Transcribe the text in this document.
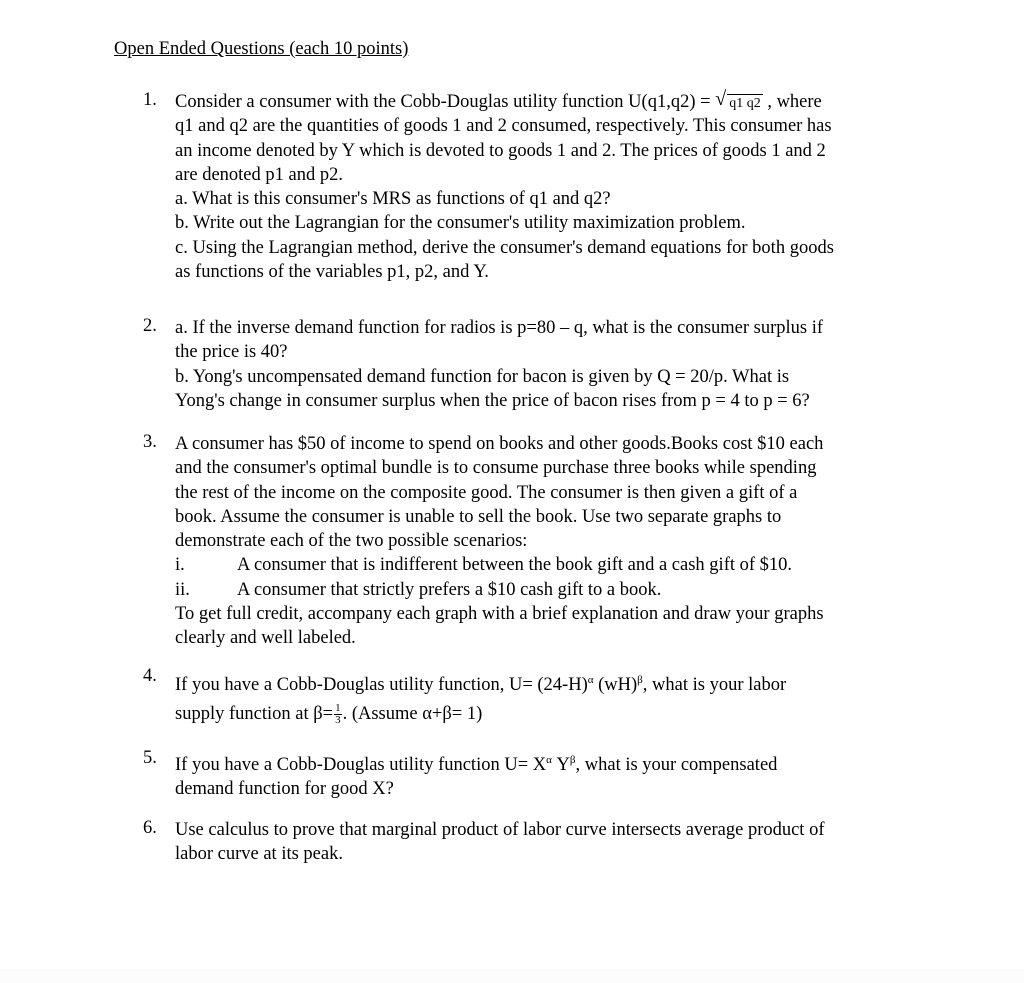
Open Ended Questions (each 10 points)
1. Consider a consumer with the Cobb-Douglas utility function U(q1,q2) = √ q1 q2 , where
q1 and q2 are the quantities of goods 1 and 2 consumed, respectively. This consumer has
an income denoted by Y which is devoted to goods 1 and 2. The prices of goods 1 and 2
are denoted p1 and p2.
a. What is this consumer's MRS as functions of q1 and q2?
b. Write out the Lagrangian for the consumer's utility maximization problem.
c. Using the Lagrangian method, derive the consumer's demand equations for both goods
as functions of the variables p1, p2, and Y.
2. a. If the inverse demand function for radios is p=80 – q, what is the consumer surplus if
the price is 40?
b. Yong's uncompensated demand function for bacon is given by Q = 20/p. What is
Yong's change in consumer surplus when the price of bacon rises from p = 4 to p = 6?
3. A consumer has $50 of income to spend on books and other goods.Books cost $10 each
and the consumer's optimal bundle is to consume purchase three books while spending
the rest of the income on the composite good. The consumer is then given a gift of a
book. Assume the consumer is unable to sell the book. Use two separate graphs to
demonstrate each of the two possible scenarios:
i.	A consumer that is indifferent between the book gift and a cash gift of $10.
ii.	A consumer that strictly prefers a $10 cash gift to a book.
To get full credit, accompany each graph with a brief explanation and draw your graphs
clearly and well labeled.
4. If you have a Cobb-Douglas utility function, $U= (24-H)^\alpha$ (wH)$^\beta$, what is your labor
supply function at $\beta= \frac{1}{3}$ . (Assume α+β= 1)
5. If you have a Cobb-Douglas utility function $U= X^\alpha$ $Y^\beta$, what is your compensated
demand function for good X?
6. Use calculus to prove that marginal product of labor curve intersects average product of
labor curve at its peak.
